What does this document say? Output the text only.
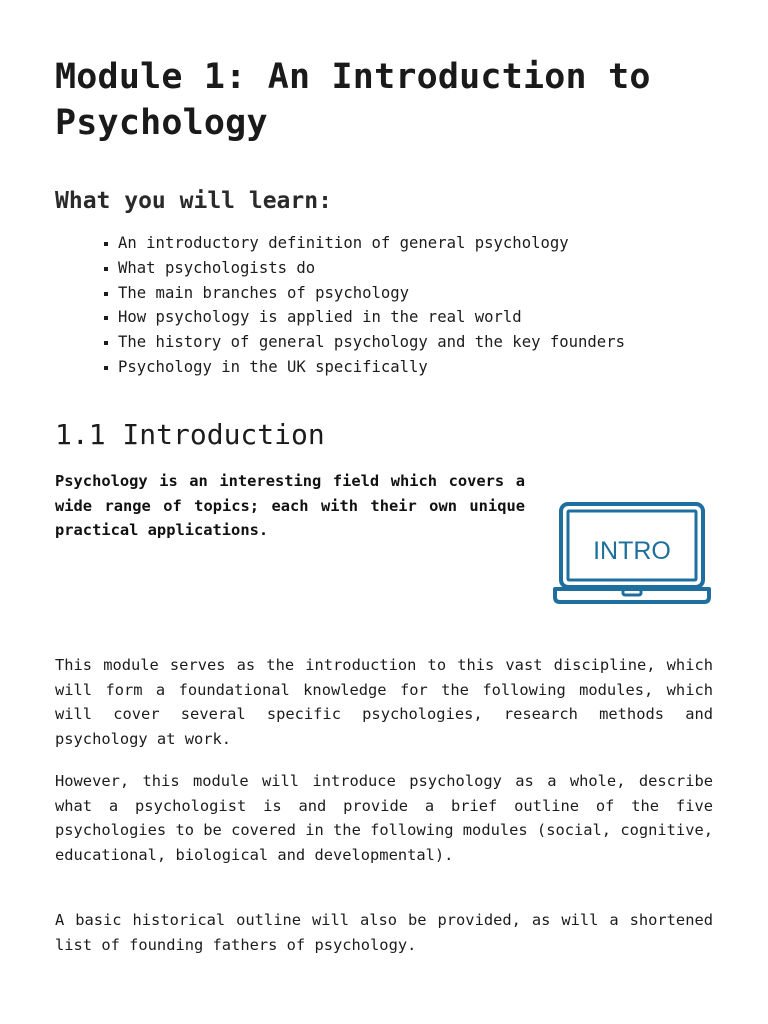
Module 1: An Introduction to Psychology
What you will learn:
An introductory definition of general psychology
What psychologists do
The main branches of psychology
How psychology is applied in the real world
The history of general psychology and the key founders
Psychology in the UK specifically
1.1 Introduction

Psychology is an interesting field which covers a wide range of topics; each with their own unique practical applications.

INTRO

This module serves as the introduction to this vast discipline, which will form a foundational knowledge for the following modules, which will cover several specific psychologies, research methods and psychology at work.

However, this module will introduce psychology as a whole, describe what a psychologist is and provide a brief outline of the five psychologies to be covered in the following modules (social, cognitive, educational, biological and developmental).

A basic historical outline will also be provided, as will a shortened list of founding fathers of psychology.
